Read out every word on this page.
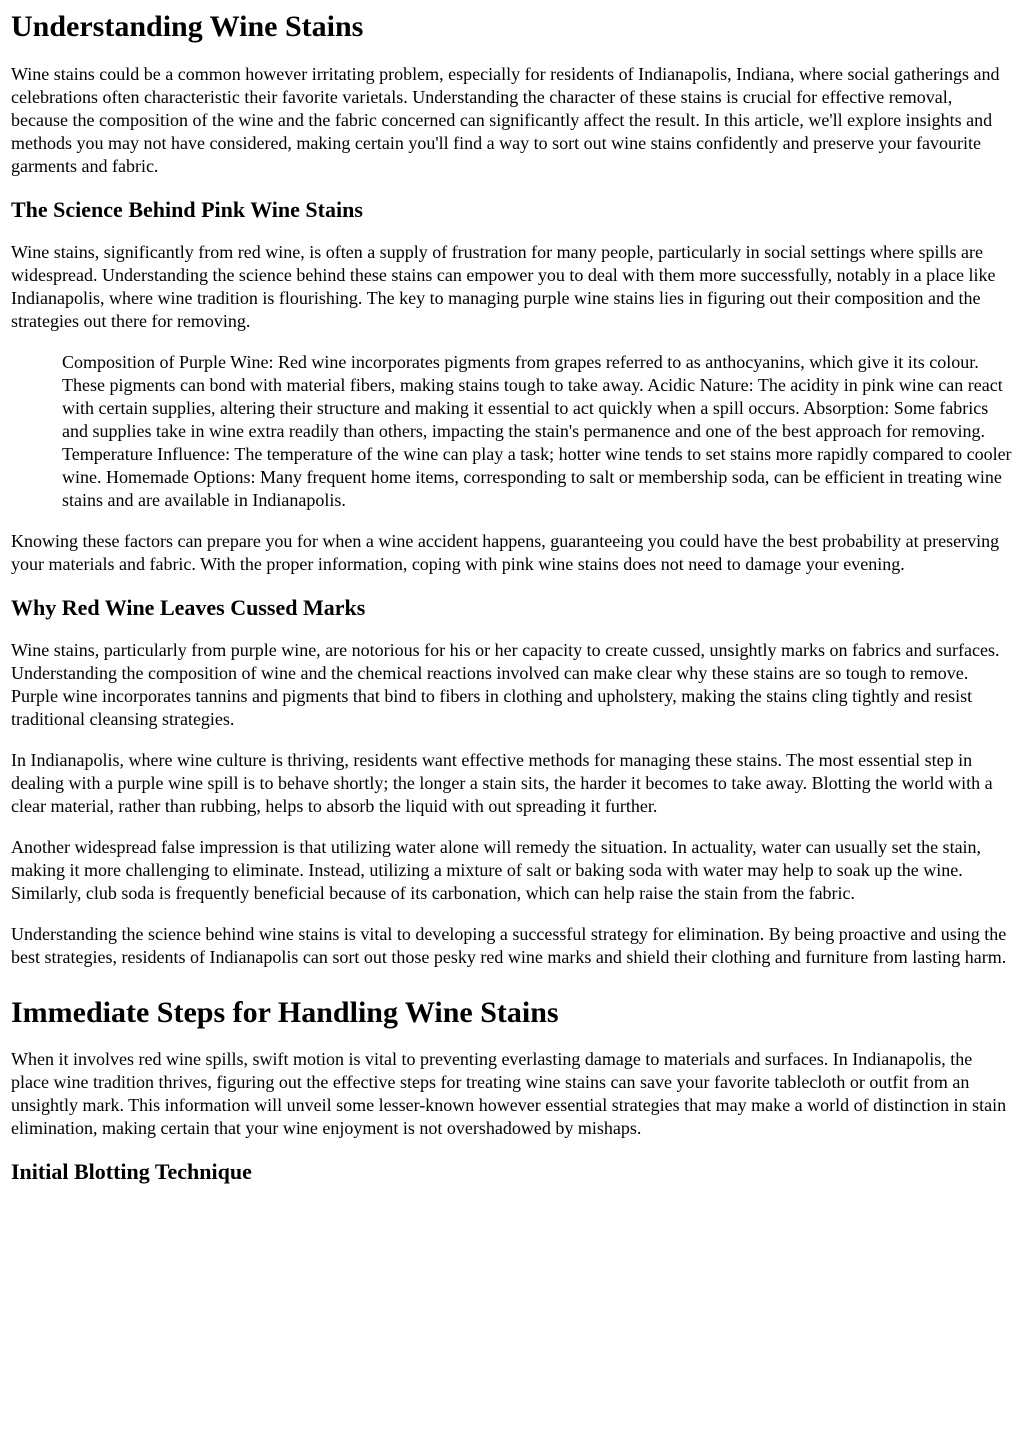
Understanding Wine Stains

Wine stains could be a common however irritating problem, especially for residents of Indianapolis, Indiana, where social gatherings and celebrations often characteristic their favorite varietals. Understanding the character of these stains is crucial for effective removal, because the composition of the wine and the fabric concerned can significantly affect the result. In this article, we'll explore insights and methods you may not have considered, making certain you'll find a way to sort out wine stains confidently and preserve your favourite garments and fabric.

The Science Behind Pink Wine Stains

Wine stains, significantly from red wine, is often a supply of frustration for many people, particularly in social settings where spills are widespread. Understanding the science behind these stains can empower you to deal with them more successfully, notably in a place like Indianapolis, where wine tradition is flourishing. The key to managing purple wine stains lies in figuring out their composition and the strategies out there for removing.

Composition of Purple Wine: Red wine incorporates pigments from grapes referred to as anthocyanins, which give it its colour. These pigments can bond with material fibers, making stains tough to take away. Acidic Nature: The acidity in pink wine can react with certain supplies, altering their structure and making it essential to act quickly when a spill occurs. Absorption: Some fabrics and supplies take in wine extra readily than others, impacting the stain's permanence and one of the best approach for removing. Temperature Influence: The temperature of the wine can play a task; hotter wine tends to set stains more rapidly compared to cooler wine. Homemade Options: Many frequent home items, corresponding to salt or membership soda, can be efficient in treating wine stains and are available in Indianapolis.

Knowing these factors can prepare you for when a wine accident happens, guaranteeing you could have the best probability at preserving your materials and fabric. With the proper information, coping with pink wine stains does not need to damage your evening.

Why Red Wine Leaves Cussed Marks

Wine stains, particularly from purple wine, are notorious for his or her capacity to create cussed, unsightly marks on fabrics and surfaces. Understanding the composition of wine and the chemical reactions involved can make clear why these stains are so tough to remove. Purple wine incorporates tannins and pigments that bind to fibers in clothing and upholstery, making the stains cling tightly and resist traditional cleansing strategies.

In Indianapolis, where wine culture is thriving, residents want effective methods for managing these stains. The most essential step in dealing with a purple wine spill is to behave shortly; the longer a stain sits, the harder it becomes to take away. Blotting the world with a clear material, rather than rubbing, helps to absorb the liquid with out spreading it further.

Another widespread false impression is that utilizing water alone will remedy the situation. In actuality, water can usually set the stain, making it more challenging to eliminate. Instead, utilizing a mixture of salt or baking soda with water may help to soak up the wine. Similarly, club soda is frequently beneficial because of its carbonation, which can help raise the stain from the fabric.

Understanding the science behind wine stains is vital to developing a successful strategy for elimination. By being proactive and using the best strategies, residents of Indianapolis can sort out those pesky red wine marks and shield their clothing and furniture from lasting harm.

Immediate Steps for Handling Wine Stains

When it involves red wine spills, swift motion is vital to preventing everlasting damage to materials and surfaces. In Indianapolis, the place wine tradition thrives, figuring out the effective steps for treating wine stains can save your favorite tablecloth or outfit from an unsightly mark. This information will unveil some lesser-known however essential strategies that may make a world of distinction in stain elimination, making certain that your wine enjoyment is not overshadowed by mishaps.

Initial Blotting Technique
